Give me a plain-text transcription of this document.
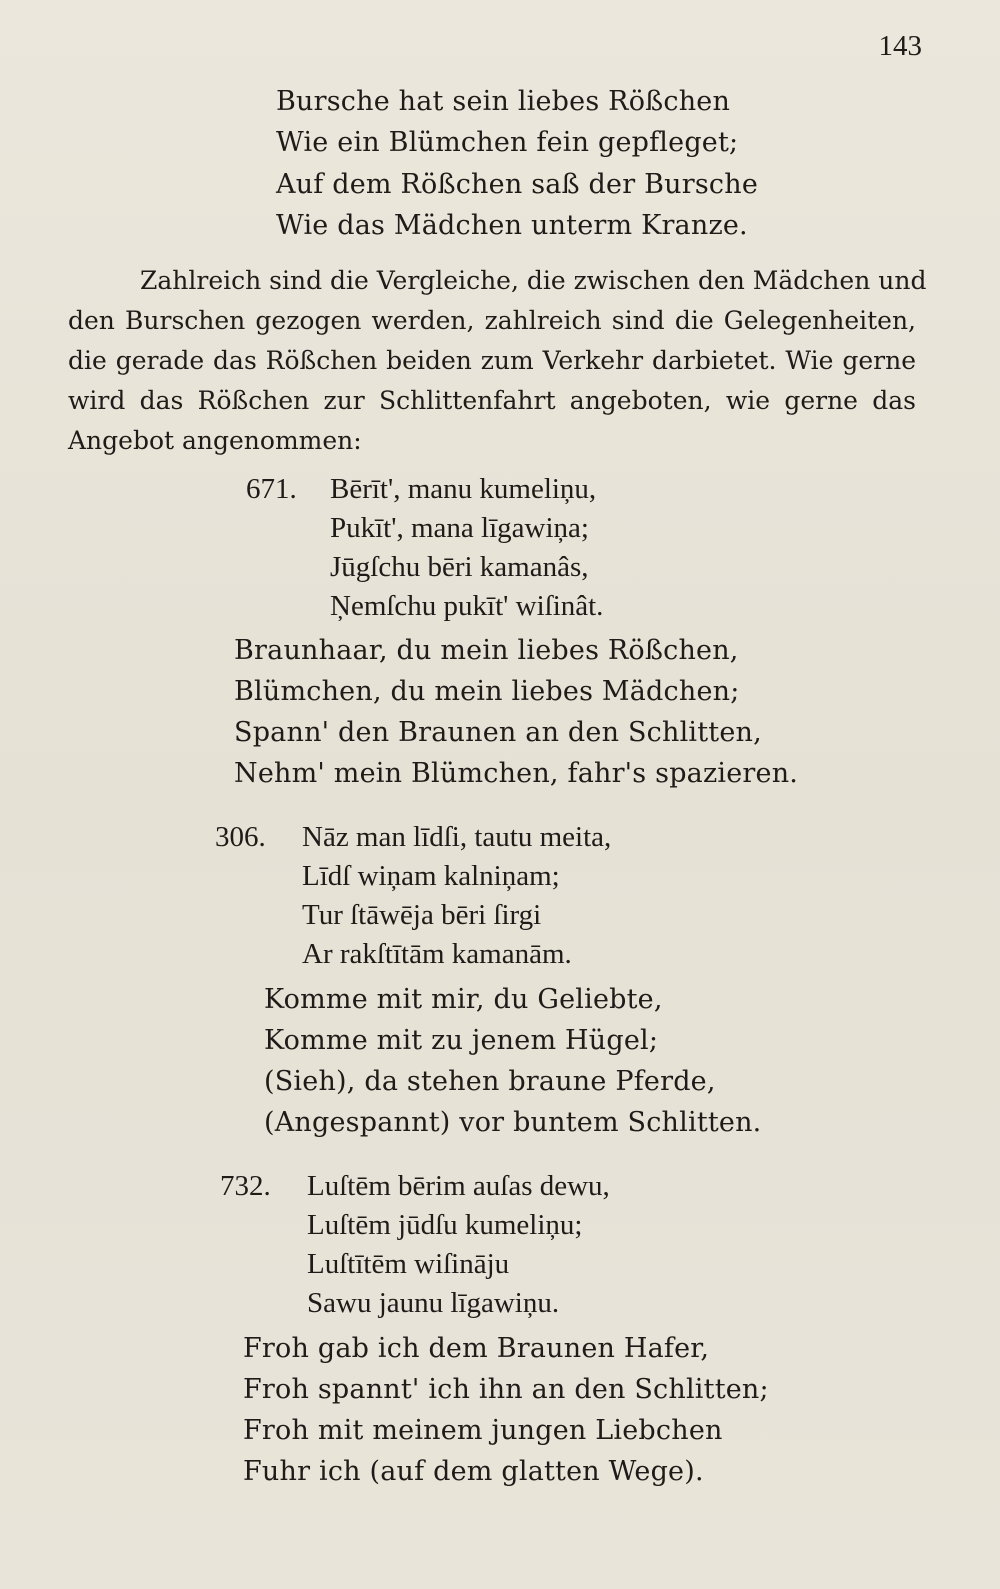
143
Bursche hat sein liebes Rößchen
Wie ein Blümchen fein gepfleget;
Auf dem Rößchen saß der Bursche
Wie das Mädchen unterm Kranze.
Zahlreich sind die Vergleiche, die zwischen den Mädchen und
den Burschen gezogen werden, zahlreich sind die Gelegenheiten,
die gerade das Rößchen beiden zum Verkehr darbietet. Wie gerne
wird das Rößchen zur Schlittenfahrt angeboten, wie gerne das
Angebot angenommen:
671. Bērīt', manu kumeliņu,
Pukīt', mana līgawiņa;
Jūgſchu bēri kamanâs,
Ņemſchu pukīt' wiſinât.
Braunhaar, du mein liebes Rößchen,
Blümchen, du mein liebes Mädchen;
Spann' den Braunen an den Schlitten,
Nehm' mein Blümchen, fahr's spazieren.
306. Nāz man līdſi, tautu meita,
Līdſ wiņam kalniņam;
Tur ſtāwēja bēri ſirgi
Ar rakſtītām kamanām.
Komme mit mir, du Geliebte,
Komme mit zu jenem Hügel;
(Sieh), da stehen braune Pferde,
(Angespannt) vor buntem Schlitten.
732. Luſtēm bērim auſas dewu,
Luſtēm jūdſu kumeliņu;
Luſtītēm wiſināju
Sawu jaunu līgawiņu.
Froh gab ich dem Braunen Hafer,
Froh spannt' ich ihn an den Schlitten;
Froh mit meinem jungen Liebchen
Fuhr ich (auf dem glatten Wege).
